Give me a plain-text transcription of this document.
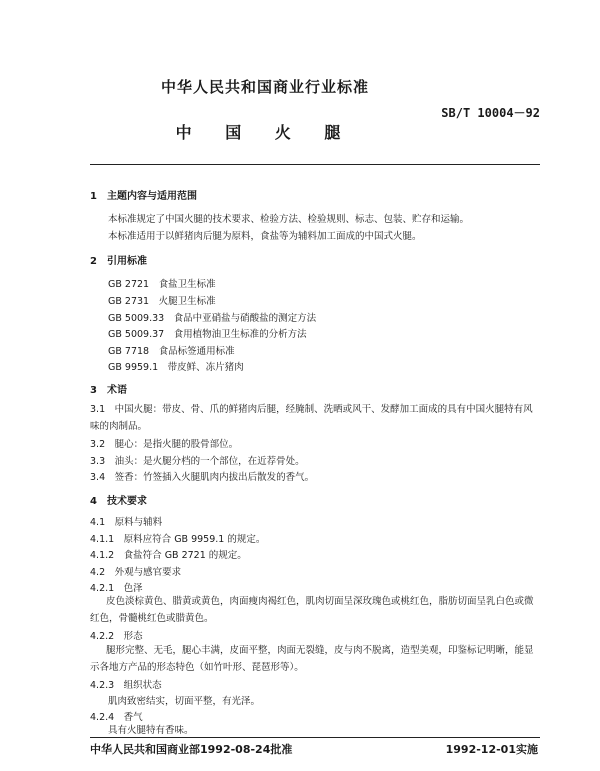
中华人民共和国商业行业标准
SB/T 10004－92
中 国 火 腿
1　主题内容与适用范围
本标准规定了中国火腿的技术要求、检验方法、检验规则、标志、包装、贮存和运输。
本标准适用于以鲜猪肉后腿为原料，食盐等为辅料加工面成的中国式火腿。
2　引用标准
GB 2721　食盐卫生标准
GB 2731　火腿卫生标准
GB 5009.33　食品中亚硝盐与硝酸盐的测定方法
GB 5009.37　食用植物油卫生标准的分析方法
GB 7718　食品标签通用标准
GB 9959.1　带皮鲜、冻片猪肉
3　术语
3.1　中国火腿：带皮、骨、爪的鲜猪肉后腿，经腌制、洗晒或风干、发酵加工面成的具有中国火腿特有风味的肉制品。
3.2　腿心：是指火腿的股骨部位。
3.3　油头：是火腿分档的一个部位，在近荐骨处。
3.4　签香：竹签插入火腿肌肉内拔出后散发的香气。
4　技术要求
4.1　原料与辅料
4.1.1　原料应符合 GB 9959.1 的规定。
4.1.2　食盐符合 GB 2721 的规定。
4.2　外观与感官要求
4.2.1　色泽
皮色淡棕黄色、腊黄或黄色，肉面瘦肉褐红色，肌肉切面呈深玫瑰色或桃红色，脂肪切面呈乳白色或微红色，骨髓桃红色或腊黄色。
4.2.2　形态
腿形完整、无毛，腿心丰满，皮面平整，肉面无裂缝，皮与肉不脱离，造型美观，印鉴标记明晰，能显示各地方产品的形态特色（如竹叶形、琵琶形等）。
4.2.3　组织状态
肌肉致密结实，切面平整，有光泽。
4.2.4　香气
具有火腿特有香味。
中华人民共和国商业部1992-08-24批准	1992-12-01实施
